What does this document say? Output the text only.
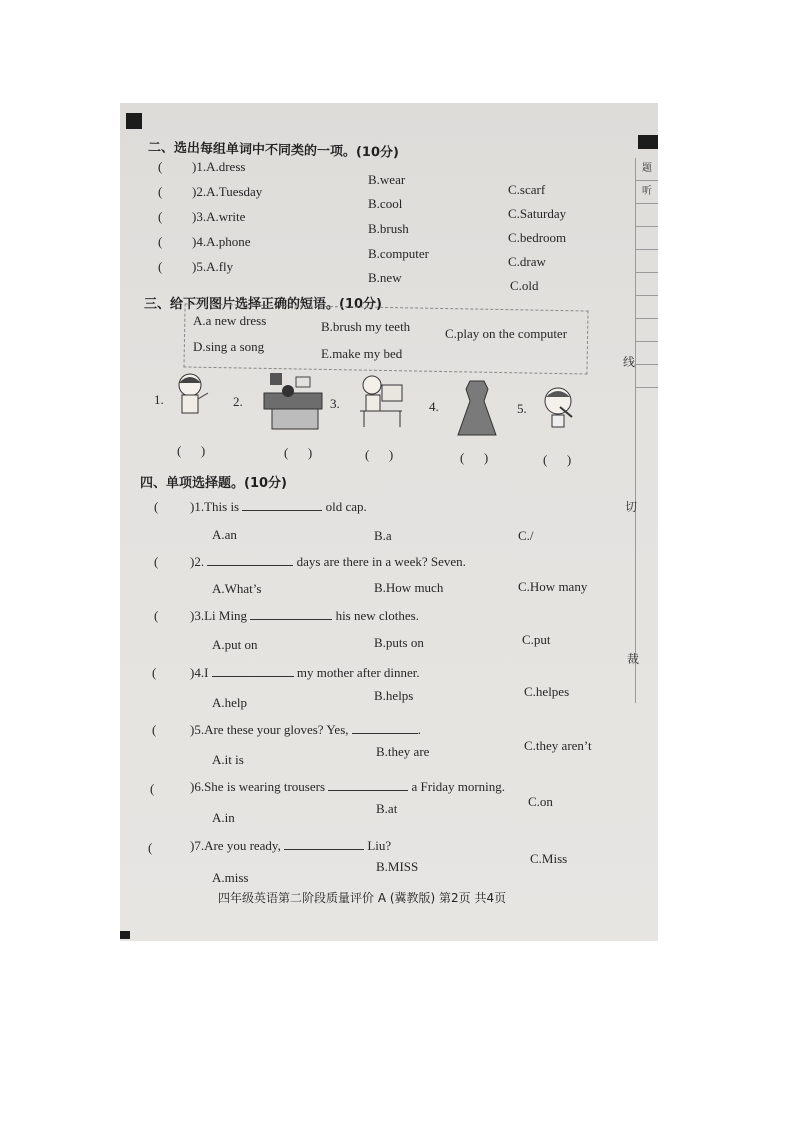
二、选出每组单词中不同类的一项。(10分)
( )1.A.dress
B.wear
C.scarf
( )2.A.Tuesday
B.cool
C.Saturday
( )3.A.write
B.brush
C.bedroom
( )4.A.phone
B.computer
C.draw
( )5.A.fly
B.new
C.old
三、给下列图片选择正确的短语。(10分)
A.a new dress	B.brush my teeth	C.play on the computer
D.sing a song	E.make my bed
1.	2.	3.	4.	5.
(      )	(      )	(      )	(      )	(      )
四、单项选择题。(10分)
( )1.This is	old cap.
A.an	B.a	C./
( )2.	days are there in a week? Seven.
A.What’s	B.How much	C.How many
( )3.Li Ming	his new clothes.
A.put on	B.puts on	C.put
(	)4.I	my mother after dinner.
A.help	B.helps	C.helpes
(	)5.Are these your gloves? Yes,	.
A.it is
B.they are	C.they aren’t
(	)6.She is wearing trousers	a Friday morning.
A.in
B.at	C.on
(	)7.Are you ready,	Liu?
A.miss
B.MISS
C.Miss
题
听
线
切
裁
四年级英语第二阶段质量评价 A (冀教版) 第2页 共4页
